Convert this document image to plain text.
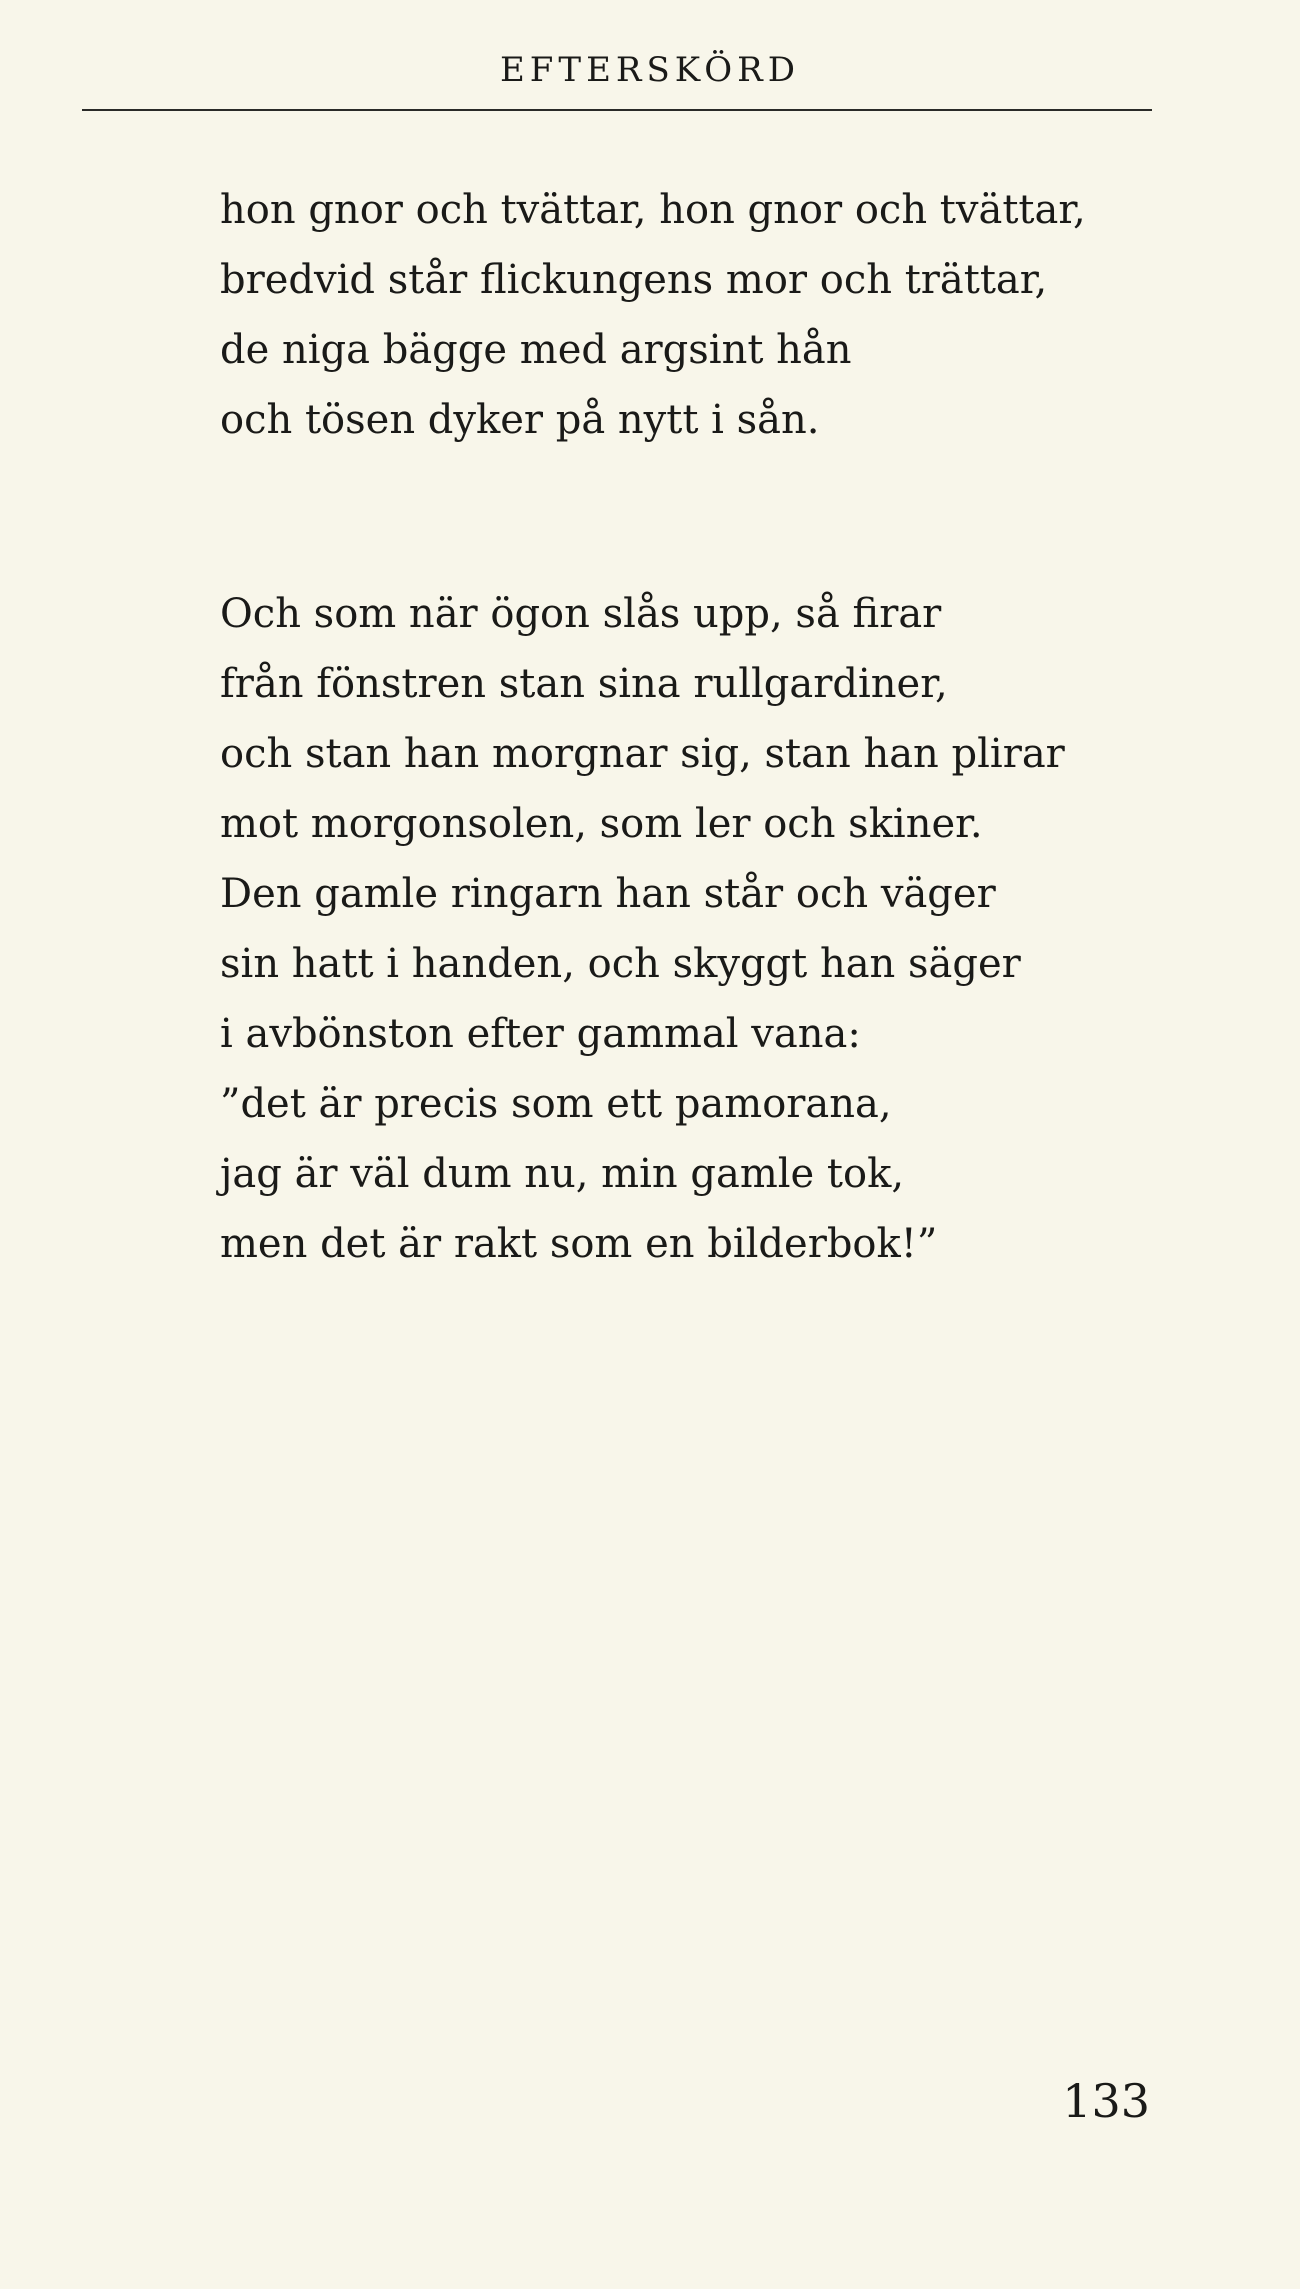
EFTERSKÖRD
hon gnor och tvättar, hon gnor och tvättar,
bredvid står flickungens mor och trättar,
de niga bägge med argsint hån
och tösen dyker på nytt i sån.
Och som när ögon slås upp, så firar
från fönstren stan sina rullgardiner,
och stan han morgnar sig, stan han plirar
mot morgonsolen, som ler och skiner.
Den gamle ringarn han står och väger
sin hatt i handen, och skyggt han säger
i avbönston efter gammal vana:
”det är precis som ett pamorana,
jag är väl dum nu, min gamle tok,
men det är rakt som en bilderbok!”
133
